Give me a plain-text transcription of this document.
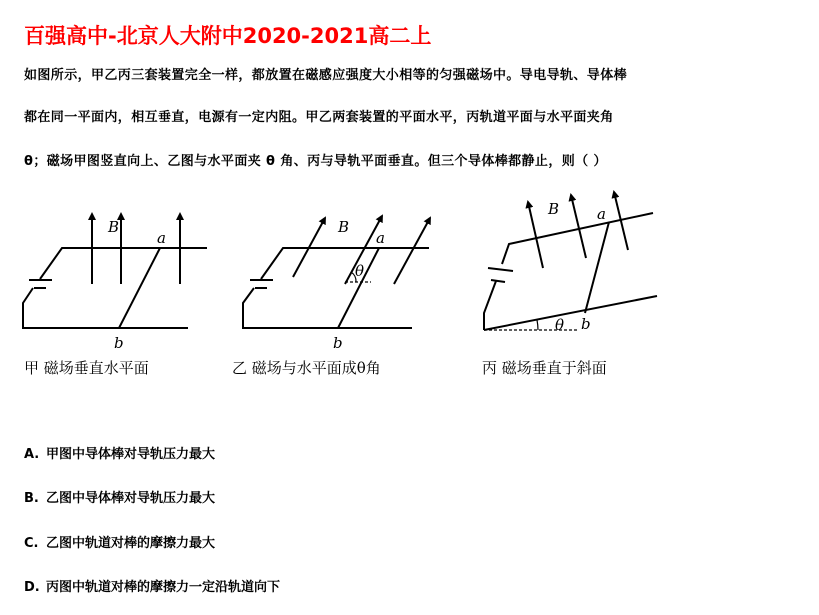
百强高中-北京人大附中2020-2021高二上

如图所示，甲乙丙三套装置完全一样，都放置在磁感应强度大小相等的匀强磁场中。导电导轨、导体棒

都在同一平面内，相互垂直，电源有一定内阻。甲乙两套装置的平面水平，丙轨道平面与水平面夹角

θ；磁场甲图竖直向上、乙图与水平面夹 θ 角、丙与导轨平面垂直。但三个导体棒都静止，则（ ）

B
a
b
B
a
θ
b
B	a
θ b

甲 磁场垂直水平面	乙 磁场与水平面成θ角	丙 磁场垂直于斜面

A. 甲图中导体棒对导轨压力最大

B. 乙图中导体棒对导轨压力最大

C. 乙图中轨道对棒的摩擦力最大

D. 丙图中轨道对棒的摩擦力一定沿轨道向下
